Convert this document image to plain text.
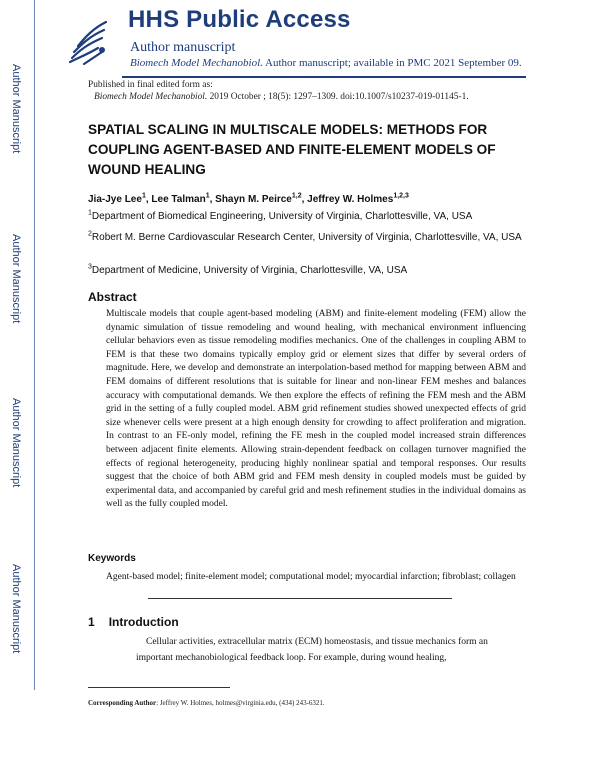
Author Manuscript
Author Manuscript
Author Manuscript
Author Manuscript
HHS Public Access
Author manuscript
Biomech Model Mechanobiol. Author manuscript; available in PMC 2021 September 09.
Published in final edited form as:
Biomech Model Mechanobiol. 2019 October ; 18(5): 1297–1309. doi:10.1007/s10237-019-01145-1.
SPATIAL SCALING IN MULTISCALE MODELS: METHODS FOR COUPLING AGENT-BASED AND FINITE-ELEMENT MODELS OF WOUND HEALING
Jia-Jye Lee$^1$, Lee Talman$^1$, Shayn M. Peirce$^{1,2}$, Jeffrey W. Holmes$^{1,2,3}$
$^1$Department of Biomedical Engineering, University of Virginia, Charlottesville, VA, USA
$^2$Robert M. Berne Cardiovascular Research Center, University of Virginia, Charlottesville, VA, USA
$^3$Department of Medicine, University of Virginia, Charlottesville, VA, USA
Abstract
Multiscale models that couple agent-based modeling (ABM) and finite-element modeling (FEM) allow the dynamic simulation of tissue remodeling and wound healing, with mechanical environment influencing cellular behaviors even as tissue remodeling modifies mechanics. One of the challenges in coupling ABM to FEM is that these two domains typically employ grid or element sizes that differ by several orders of magnitude. Here, we develop and demonstrate an interpolation-based method for mapping between ABM and FEM domains of different resolutions that is suitable for linear and non-linear FEM meshes and balances accuracy with computational demands. We then explore the effects of refining the FEM mesh and the ABM grid in the setting of a fully coupled model. ABM grid refinement studies showed unexpected effects of grid size whenever cells were present at a high enough density for crowding to affect proliferation and migration. In contrast to an FE-only model, refining the FE mesh in the coupled model increased strain differences between adjacent finite elements. Allowing strain-dependent feedback on collagen turnover magnified the effects of regional heterogeneity, producing highly nonlinear spatial and temporal responses. Our results suggest that the choice of both ABM grid and FEM mesh density in coupled models must be guided by experimental data, and accompanied by careful grid and mesh refinement studies in the individual domains as well as the fully coupled model.
Keywords
Agent-based model; finite-element model; computational model; myocardial infarction; fibroblast; collagen
1 Introduction
Cellular activities, extracellular matrix (ECM) homeostasis, and tissue mechanics form an important mechanobiological feedback loop. For example, during wound healing,
Corresponding Author: Jeffrey W. Holmes, holmes@virginia.edu, (434) 243-6321.
